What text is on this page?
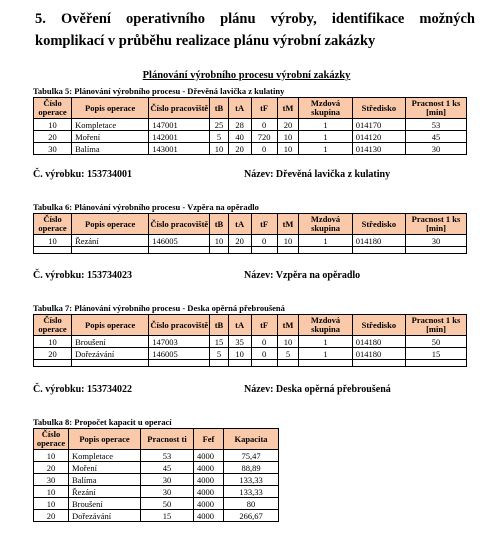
5. Ověření operativního plánu výroby, identifikace možných komplikací v průběhu realizace plánu výrobní zakázky
Plánování výrobního procesu výrobní zakázky
Tabulka 5: Plánování výrobního procesu - Dřevěná lavička z kulatiny
Číslo operace	Popis operace	Číslo pracoviště	tB	tA	tF	tM	Mzdová skupina	Středisko	Pracnost 1 ks [min]
10	Kompletace	147001	25	28	0	20	1	014170	53
20	Moření	142001	5	40	720	10	1	014120	45
30	Balíma	143001	10	20	0	10	1	014130	30
Č. výrobku: 153734001	Název: Dřevěná lavička z kulatiny
Tabulka 6: Plánování výrobního procesu - Vzpěra na opěradlo
Číslo operace	Popis operace	Číslo pracoviště	tB	tA	tF	tM	Mzdová skupina	Středisko	Pracnost 1 ks [min]
10	Řezání	146005	10	20	0	10	1	014180	30

Č. výrobku: 153734023	Název: Vzpěra na opěradlo
Tabulka 7: Plánování výrobního procesu - Deska opěrná přebroušená
Číslo operace	Popis operace	Číslo pracoviště	tB	tA	tF	tM	Mzdová skupina	Středisko	Pracnost 1 ks [min]
10	Broušení	147003	15	35	0	10	1	014180	50
20	Dořezávání	146005	5	10	0	5	1	014180	15

Č. výrobku: 153734022	Název: Deska opěrná přebroušená
Tabulka 8: Propočet kapacit u operací
Číslo operace	Popis operace	Pracnost ti	Fef	Kapacita
10	Kompletace	53	4000	75,47
20	Moření	45	4000	88,89
30	Balíma	30	4000	133,33
10	Řezání	30	4000	133,33
10	Broušení	50	4000	80
20	Dořezávání	15	4000	266,67
